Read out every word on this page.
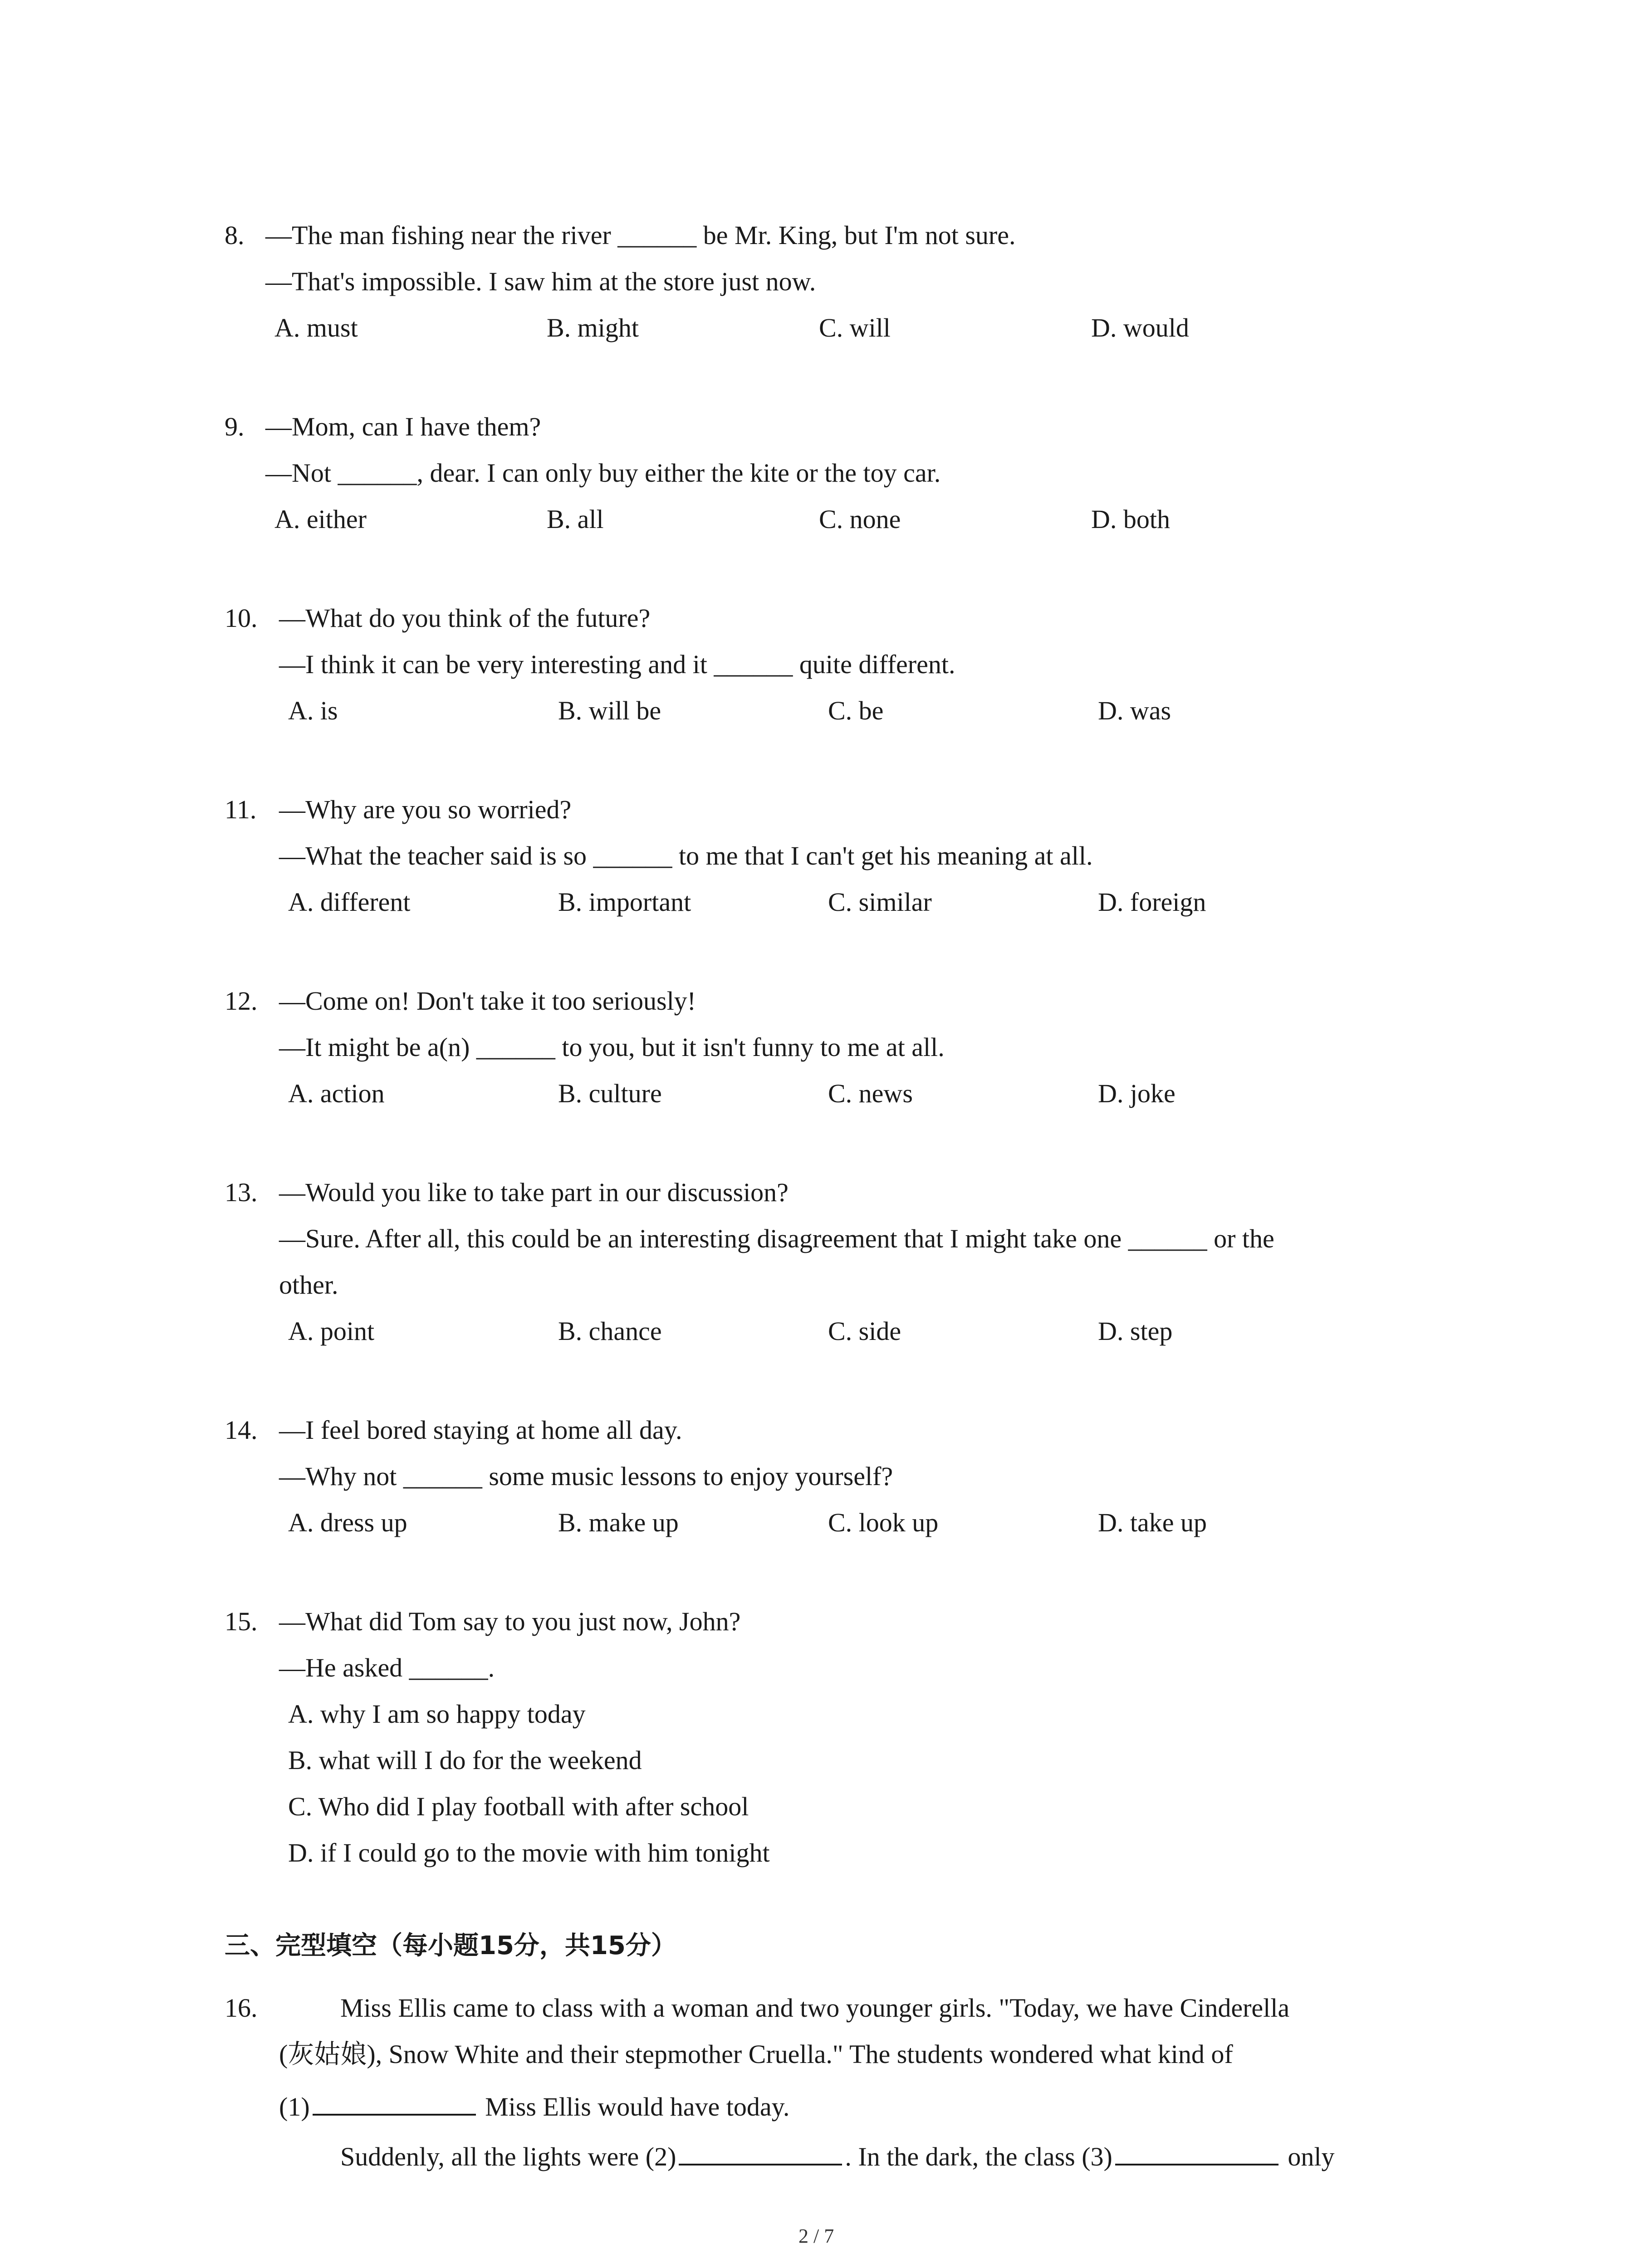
8. —The man fishing near the river ______ be Mr. King, but I'm not sure.
—That's impossible. I saw him at the store just now.
A. must	B. might	C. will	D. would
9. —Mom, can I have them?
—Not ______, dear. I can only buy either the kite or the toy car.
A. either	B. all	C. none	D. both
10. —What do you think of the future?
—I think it can be very interesting and it ______ quite different.
A. is	B. will be	C. be	D. was
11. —Why are you so worried?
—What the teacher said is so ______ to me that I can't get his meaning at all.
A. different	B. important	C. similar	D. foreign
12. —Come on! Don't take it too seriously!
—It might be a(n) ______ to you, but it isn't funny to me at all.
A. action	B. culture	C. news	D. joke
13. —Would you like to take part in our discussion?
—Sure. After all, this could be an interesting disagreement that I might take one ______ or the
other.
A. point	B. chance	C. side	D. step
14. —I feel bored staying at home all day.
—Why not ______ some music lessons to enjoy yourself?
A. dress up	B. make up	C. look up	D. take up
15. —What did Tom say to you just now, John?
—He asked ______.
A. why I am so happy today
B. what will I do for the weekend
C. Who did I play football with after school
D. if I could go to the movie with him tonight
三、完型填空（每小题15分，共15分）
16.	Miss Ellis came to class with a woman and two younger girls. "Today, we have Cinderella
(灰姑娘), Snow White and their stepmother Cruella." The students wondered what kind of
(1)	Miss Ellis would have today.
Suddenly, all the lights were (2)	. In the dark, the class (3)	only
2 / 7
